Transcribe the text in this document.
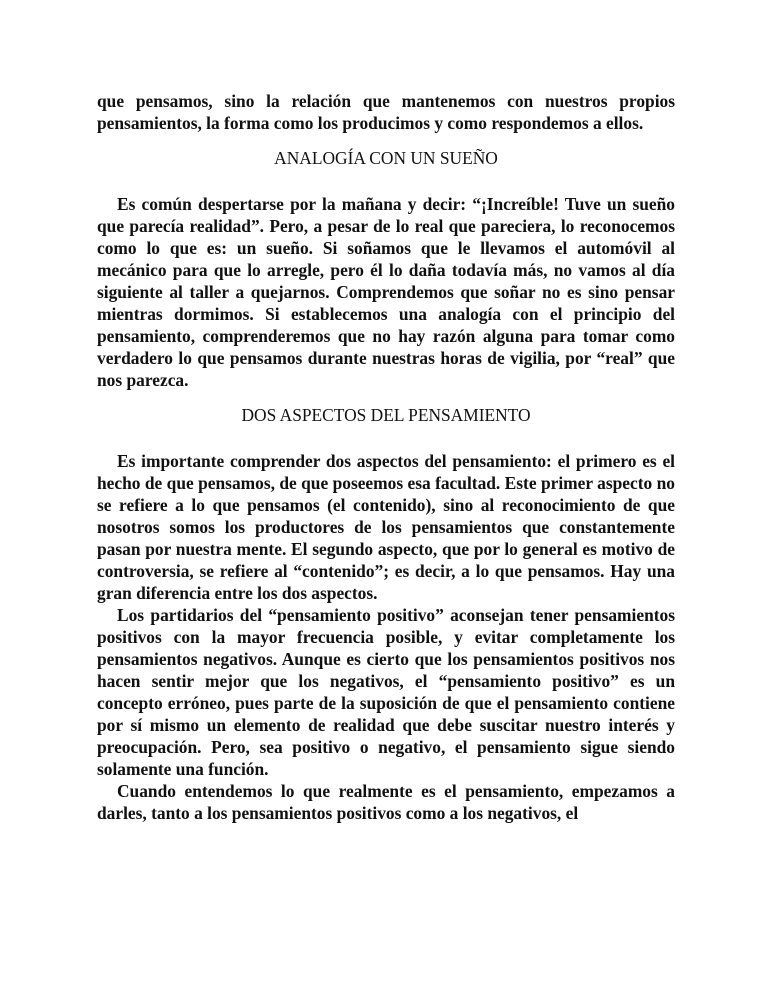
que pensamos, sino la relación que mantenemos con nuestros propios pensamientos, la forma como los producimos y como respondemos a ellos.

ANALOGÍA CON UN SUEÑO

Es común despertarse por la mañana y decir: “¡Increíble! Tuve un sueño que parecía realidad”. Pero, a pesar de lo real que pareciera, lo reconocemos como lo que es: un sueño. Si soñamos que le llevamos el automóvil al mecánico para que lo arregle, pero él lo daña todavía más, no vamos al día siguiente al taller a quejarnos. Comprendemos que soñar no es sino pensar mientras dormimos. Si establecemos una analogía con el principio del pensamiento, comprenderemos que no hay razón alguna para tomar como verdadero lo que pensamos durante nuestras horas de vigilia, por “real” que nos parezca.

DOS ASPECTOS DEL PENSAMIENTO

Es importante comprender dos aspectos del pensamiento: el primero es el hecho de que pensamos, de que poseemos esa facultad. Este primer aspecto no se refiere a lo que pensamos (el contenido), sino al reconocimiento de que nosotros somos los productores de los pensamientos que constantemente pasan por nuestra mente. El segundo aspecto, que por lo general es motivo de controversia, se refiere al “contenido”; es decir, a lo que pensamos. Hay una gran diferencia entre los dos aspectos.

Los partidarios del “pensamiento positivo” aconsejan tener pensamientos positivos con la mayor frecuencia posible, y evitar completamente los pensamientos negativos. Aunque es cierto que los pensamientos positivos nos hacen sentir mejor que los negativos, el “pensamiento positivo” es un concepto erróneo, pues parte de la suposición de que el pensamiento contiene por sí mismo un elemento de realidad que debe suscitar nuestro interés y preocupación. Pero, sea positivo o negativo, el pensamiento sigue siendo solamente una función.

Cuando entendemos lo que realmente es el pensamiento, empezamos a darles, tanto a los pensamientos positivos como a los negativos, el
